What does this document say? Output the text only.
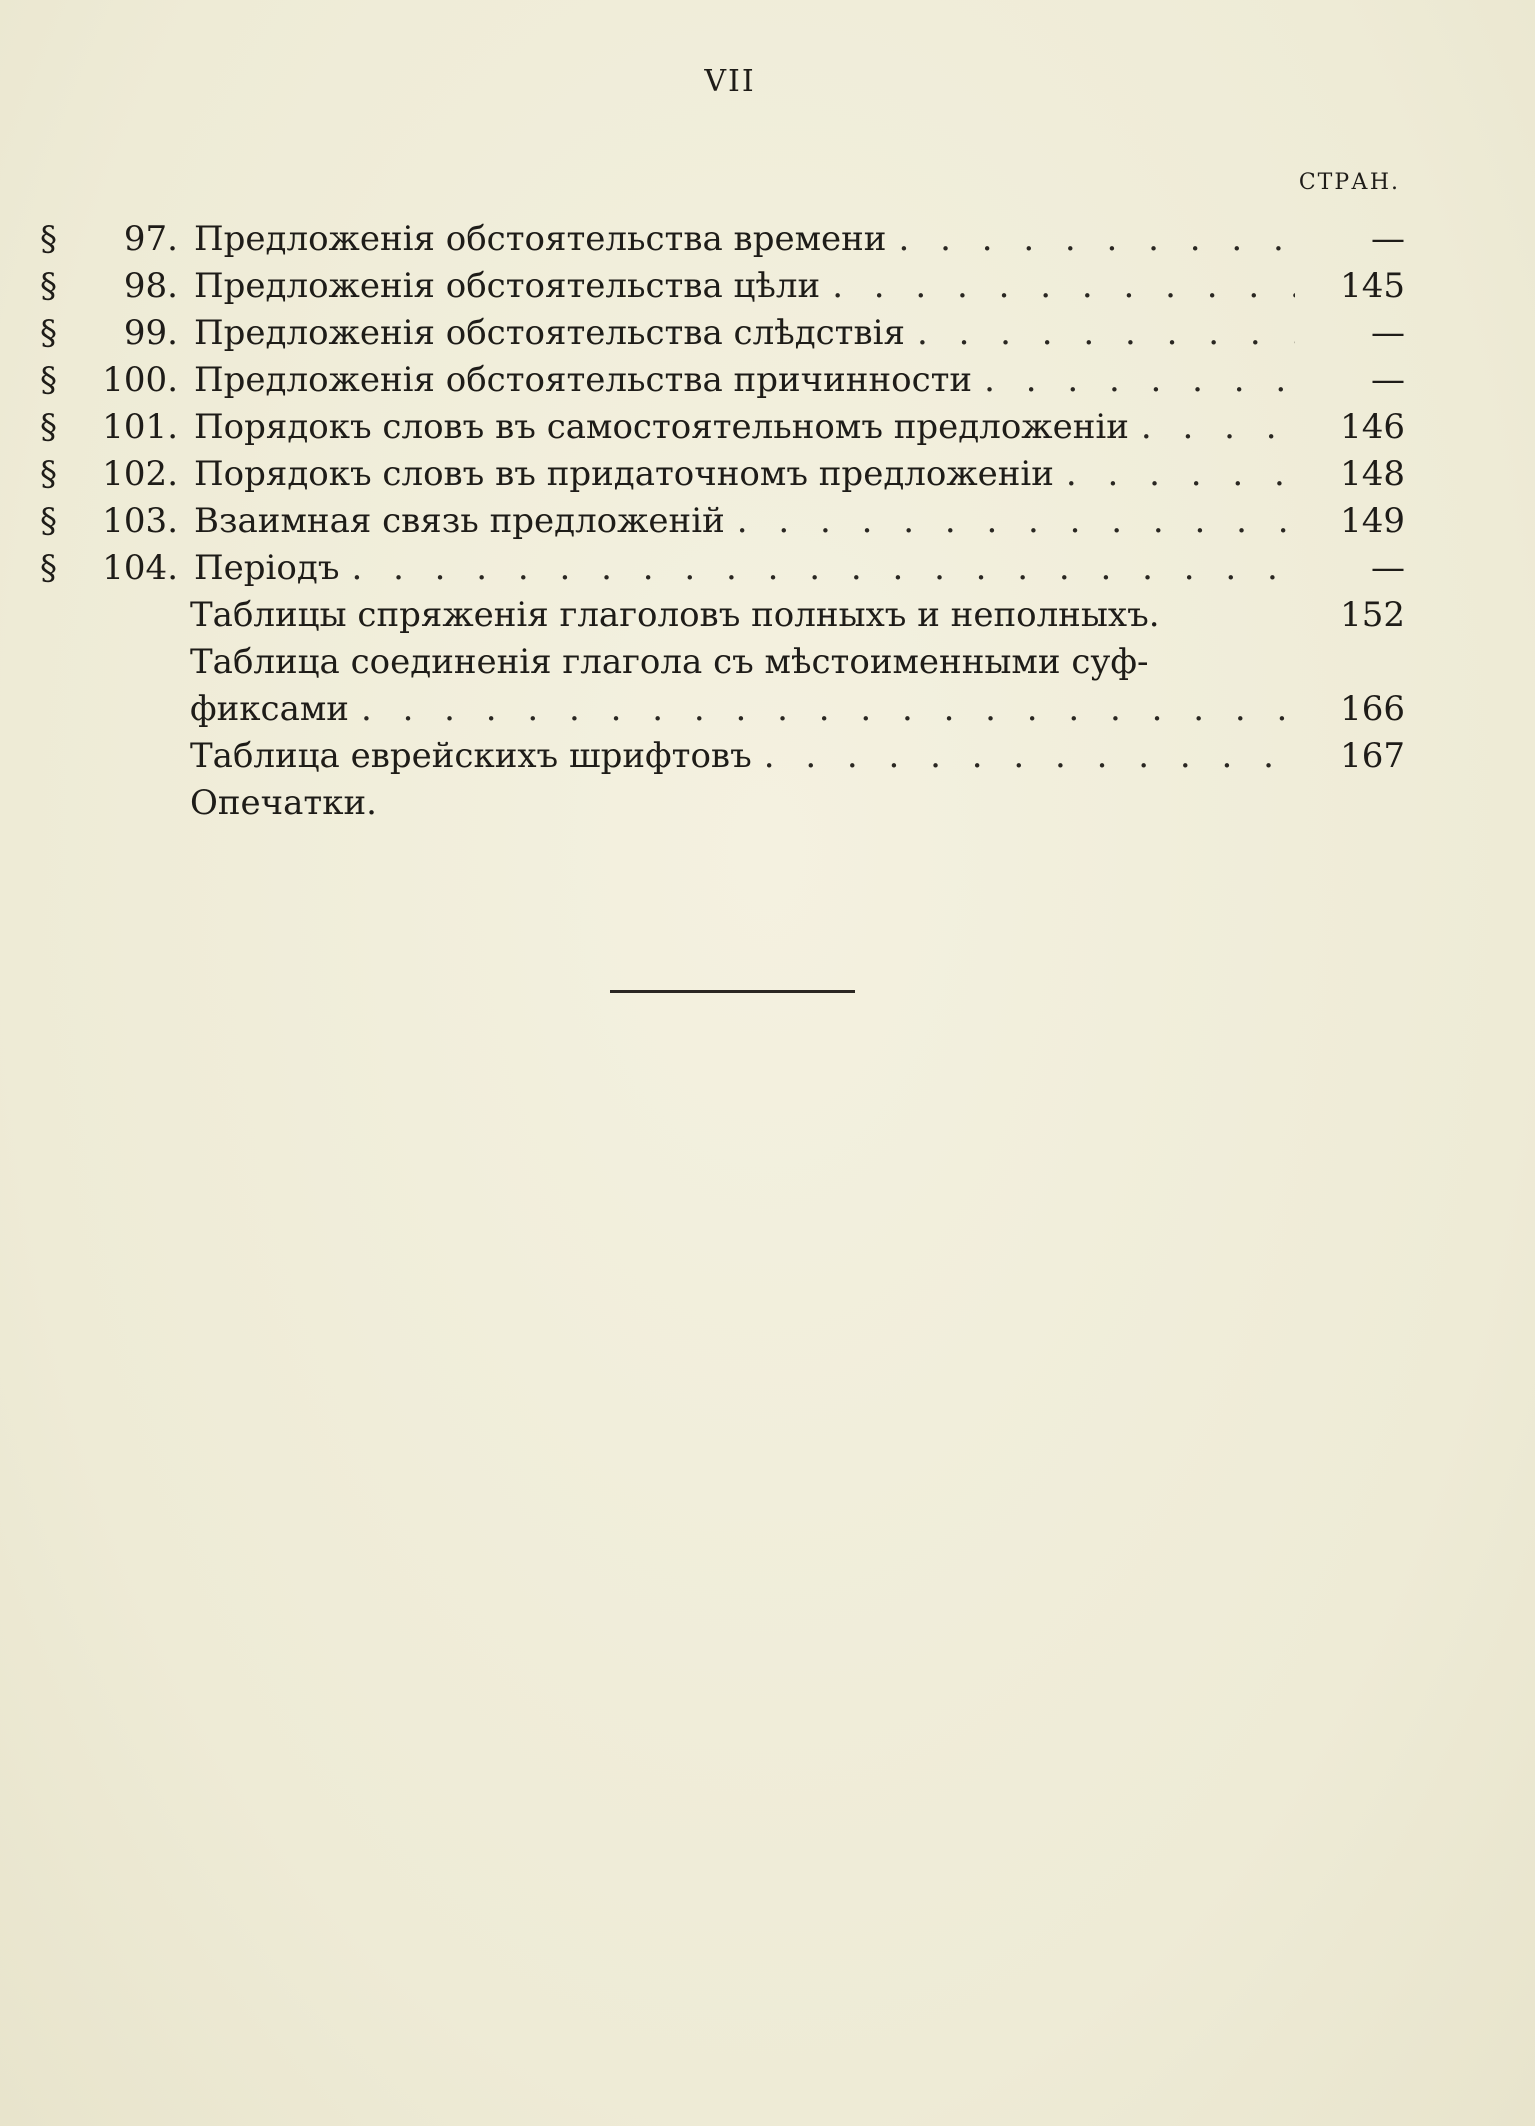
VII
СТРАН.
§	97. Предложенія обстоятельства времени . . .	—
§	98. Предложенія обстоятельства цѣли . . .	145
§	99. Предложенія обстоятельства слѣдствія . . .	—
§	100. Предложенія обстоятельства причинности . . .	—
§	101. Порядокъ словъ въ самостоятельномъ предложеніи . . .	146
§	102. Порядокъ словъ въ придаточномъ предложеніи . . .	148
§	103. Взаимная связь предложеній . . .	149
§	104. Періодъ . . .	—
Таблицы спряженія глаголовъ полныхъ и неполныхъ.	152
Таблица соединенія глагола съ мѣстоименными суф-
фиксами . . .	166
Таблица еврейскихъ шрифтовъ . . .	167
Опечатки.
